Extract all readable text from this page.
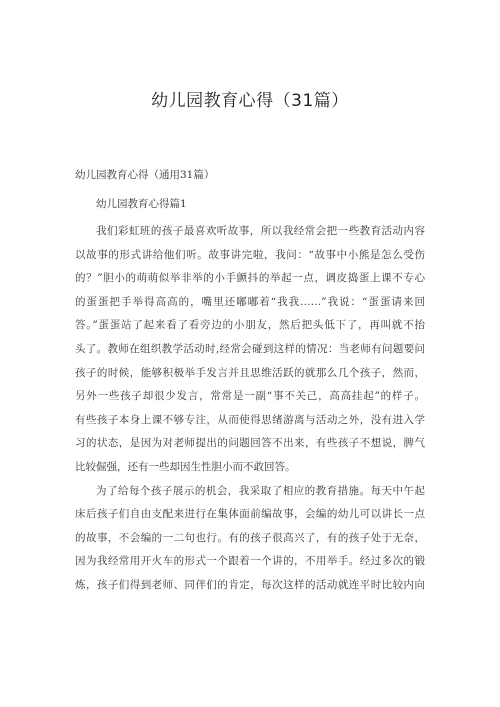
幼儿园教育心得（31篇）
幼儿园教育心得（通用31篇）
幼儿园教育心得篇1

我们彩虹班的孩子最喜欢听故事，所以我经常会把一些教育活动内容
以故事的形式讲给他们听。故事讲完啦，我问：“故事中小熊是怎么受伤
的？”胆小的萌萌似举非举的小手颤抖的举起一点，调皮捣蛋上课不专心
的蛋蛋把手举得高高的，嘴里还嘟嘟着“我我……”我说：“蛋蛋请来回
答。”蛋蛋站了起来看了看旁边的小朋友，然后把头低下了，再叫就不抬
头了。教师在组织教学活动时,经常会碰到这样的情况：当老师有问题要问
孩子的时候，能够积极举手发言并且思维活跃的就那么几个孩子，然而，
另外一些孩子却很少发言，常常是一副“事不关己，高高挂起”的样子。
有些孩子本身上课不够专注，从而使得思绪游离与活动之外，没有进入学
习的状态，是因为对老师提出的问题回答不出来，有些孩子不想说，脾气
比较倔强，还有一些却因生性胆小而不敢回答。

为了给每个孩子展示的机会，我采取了相应的教育措施。每天中午起
床后孩子们自由支配来进行在集体面前编故事，会编的幼儿可以讲长一点
的故事，不会编的一二句也行。有的孩子很高兴了，有的孩子处于无奈，
因为我经常用开火车的形式一个跟着一个讲的，不用举手。经过多次的锻
炼，孩子们得到老师、同伴们的肯定，每次这样的活动就连平时比较内向
